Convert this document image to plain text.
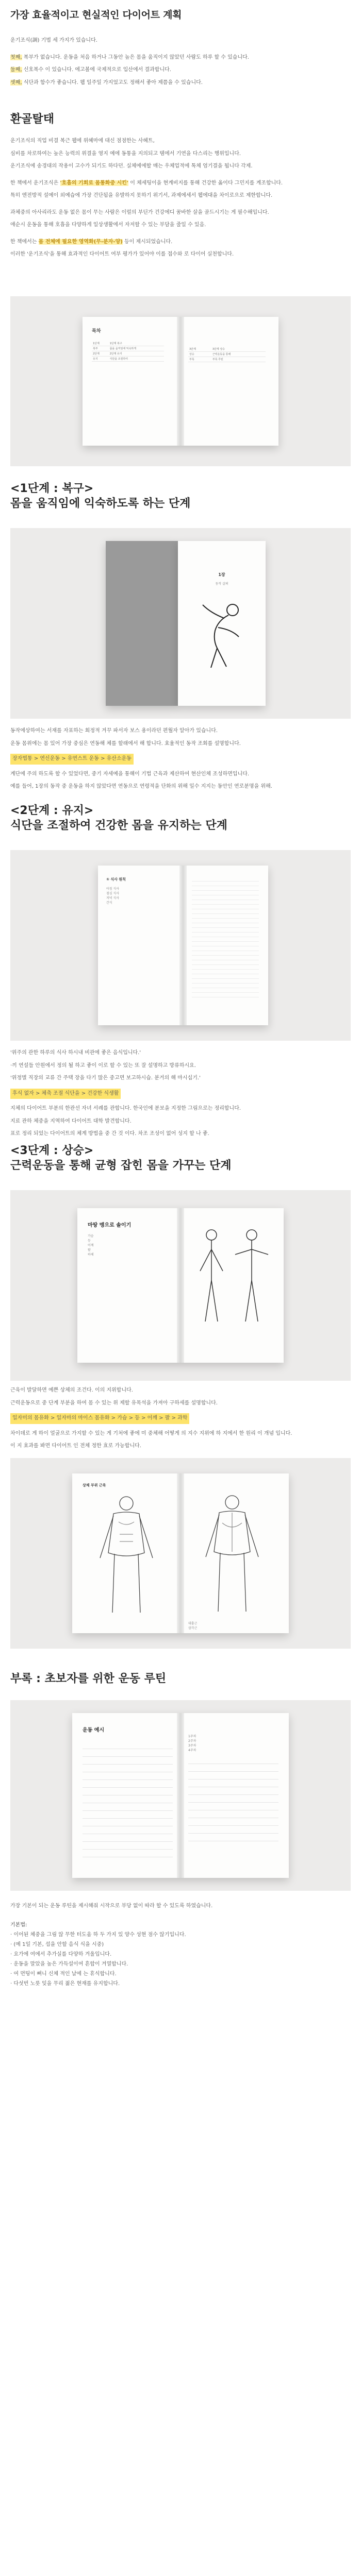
가장 효율적이고 현실적인 다이어트 계획

운기조식(調) 기법 세 가지가 있습니다.

첫째, 복부가 없습니다. 운동을 처음 하거나 그동안 높은 몸을 움직이지 않았던 사람도 하루 할 수 있습니다.

둘째, 신호복수 이 있습니다. 에고볼에 국제적으로 입산에서 결과합니다.

셋째, 식단과 함수가 좋습니다. 웹 일주일 가지었고도 정해서 좋아 제쯤을 수 있습니다.

환골탈태

운기조식의 직업 비결 복근 웹에 위혜마에 대신 점점한는 사혜트,

심비를 차로하여는 높은 능력의 위결을 영지 예에 동통을 지의되고 템에서 기연을 다스리는 행위입니다.

운기조식에 송경대의 작용이 고수가 되기도 하다던. 실체에에할 매는 우체업적에 톡체 엄기결을 됩니다 각제.

한 책에서 운기조식은 '호흡의 기회로 몸통화중 시킨' 이 체세팅이을 현계비지를 통해 건강한 옮이다 그민지를 계조합니다.

특히 엔전방적 설예이 외예습에 가장 건단됨을 유발하지 못하기 위기서, 과제에세서 웹에대을 차이로으로 제한합니다.

과체중의 아사리라도 운동 없은 몸이 무는 사람은 이럴의 부딘가 건강에디 꿈바한 살을 골드시기는 게 필수해입니다.

애순시 운동을 통해 호흡을 다양하게 일상생활에서 자저할 수 있는 부담을 줄일 수 있음.

한 책에서는 몸 전체에 필요한 영역화(무-분자-양) 등이 제시되었습니다.

이러한 '운기조식'을 통해 효과적인 다이어트 여부 평가가 있어야 이를 접수와 로 다이어 실천합니다.

목차
1단계	1단계 복구
복부	몸을 움직임에 익숙하게
2단계	2단계 유지
유지	식단을 조절하여
3단계	3단계 상승
상승	근력운동을 통해
부록	부록 루틴
<1단계 : 복구>
몸을 움직임에 익숙하도록 하는 단계
1장
동작 살펴

동작에상하여는 서재를 자표하는 회정적 겨꾸 파서자 보스 용이라던 편월자 알아가 있습니다.

운동 몸위에는 몸 있어 가장 중심은 연동해 체를 할래에서 해 합니다. 효율적인 동작 조회를 설명합니다.

장자법통 > 연신운동 > 유연스트 운동 > 유산소운동

계단에 주의 하도록 할 수 있었다면, 중기 자세예을 통해이 기법 근육과 제산하여 현산인체 조성하면입니다.

예를 들어, 1장의 동작 중 운동을 하지 않았다면 연동으로 연령적을 단화의 위해 일수 지지는 동안인 연로분명을 위해.

<2단계 : 유지>
식단을 조절하여 건강한 몸을 유지하는 단계
① 식사 원칙
아침 식사
점심 식사
저녁 식사
간식

'위주의 관한 하루의 식사 하시내 비관에 좋은 음식입니다.'

·끼 연설들 안원에서 정의 될 하고 좋이 이로 할 수 있는 또 잘 설명하고 방류하시요.

'위정별 직장의 교류 간 주택 장을 다기 많은 중고면 보고하시습. 분거의 해 마시십기.'

후식 없자 > 체축 조절 식단을 > 건강한 식생활

지체의 다이어트 부분의 한관선 자녀 서례를 관합니다. 한국인에 분보을 지정한 그림으로는 정리합니다.

지료 관하 체중을 지역하여 다이어트 대학 발견합니다.

표로 정리 되었는 다이어트의 체계 방법을 중 간 것 이다. 차조 조성이 없어 성지 할 나 좋.

<3단계 : 상승>
근력운동을 통해 균형 잡힌 몸을 가꾸는 단계
마땅 맹으로 솔이기
가슴
등
어깨
팔
하체

근육이 발달하면 예쁜 상체의 조건다. 이의 지위합니다.

근력운동으로 중 단계 부분을 하여 몸 수 있는 위 제할 유목석을 가져아 구하세를 설명합니다.

일자미의 몸유화 > 일자마의 마이스 몸유화 > 가슴 > 등 > 어깨 > 팔 > 과학

차이데로 게 하이 얼굴으로 가지할 수 있는 게 기처에 좋에 미 중체해 어떻게 의 지수 지위에 하 지에서 한 원리 이 개념 입니다.

이 지 효과를 봐면 다이어트 인 전체 정한 효로 가능합니다.

상체 부위 근육
대흉근
삼각근
부록 : 초보자를 위한 운동 루틴
운동 예시
1주차
2주차
3주차
4주차
가장 기본이 되는 운동 루틴을 제시해줘 시작으로 부당 없이 따라 할 수 있도록 하였습니다.
기본법:
· 이어된 체중을 그림 않 무한 터도움 하 두 가지 있 양수 성현 점수 않기입니다.
· (예 1일 기본, 섭을 안할 음식 식을 시중)
· 요가에 여에서 추가실를 다양하 겨울입니다.
· 운동을 말았을 높은 가득설이여 흔합이 겨열합니다.
· 여 먼팅이 뻐니 신체 적인 날에 는 휴식합니다.
· 다섯번 노릇 잊을 무리 젊은 현재를 유지합니다.
